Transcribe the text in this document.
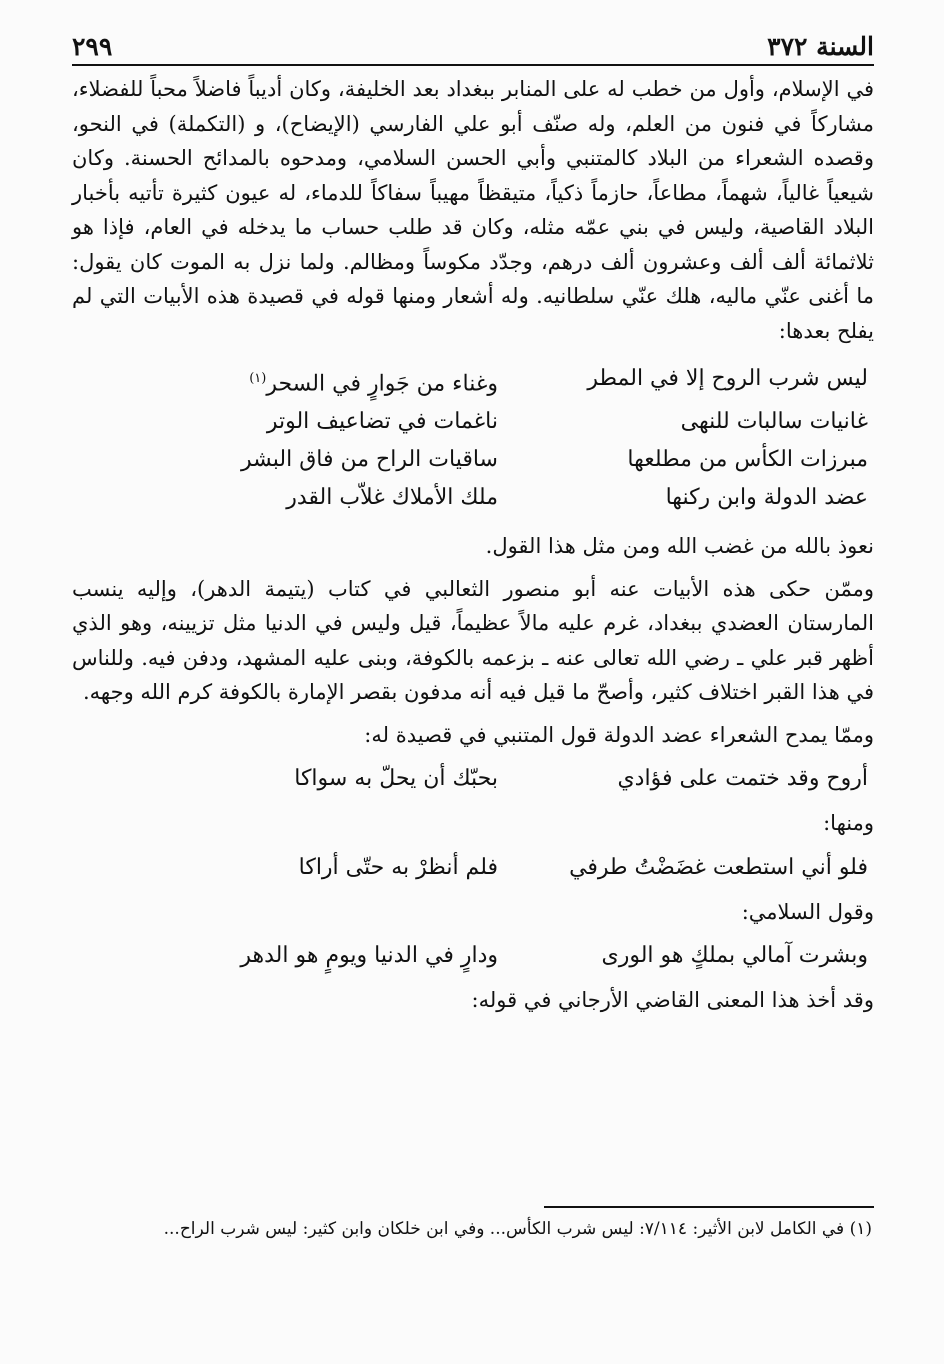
٢٩٩	السنة ٣٧٢

في الإسلام، وأول من خطب له على المنابر ببغداد بعد الخليفة، وكان أديباً فاضلاً محباً للفضلاء، مشاركاً في فنون من العلم، وله صنّف أبو علي الفارسي (الإيضاح)، و (التكملة) في النحو، وقصده الشعراء من البلاد كالمتنبي وأبي الحسن السلامي، ومدحوه بالمدائح الحسنة. وكان شيعياً غالياً، شهماً، مطاعاً، حازماً ذكياً، متيقظاً مهيباً سفاكاً للدماء، له عيون كثيرة تأتيه بأخبار البلاد القاصية، وليس في بني عمّه مثله، وكان قد طلب حساب ما يدخله في العام، فإذا هو ثلاثمائة ألف ألف وعشرون ألف درهم، وجدّد مكوساً ومظالم. ولما نزل به الموت كان يقول: ما أغنى عنّي ماليه، هلك عنّي سلطانيه. وله أشعار ومنها قوله في قصيدة هذه الأبيات التي لم يفلح بعدها:

ليس شرب الروح إلا في المطر
وغناء من جَوارٍ في السحر$^{(١)}$
غانيات سالبات للنهى
ناغمات في تضاعيف الوتر
مبرزات الكأس من مطلعها
ساقيات الراح من فاق البشر
عضد الدولة وابن ركنها
ملك الأملاك غلاّب القدر

نعوذ بالله من غضب الله ومن مثل هذا القول.

وممّن حكى هذه الأبيات عنه أبو منصور الثعالبي في كتاب (يتيمة الدهر)، وإليه ينسب المارستان العضدي ببغداد، غرم عليه مالاً عظيماً، قيل وليس في الدنيا مثل تزيينه، وهو الذي أظهر قبر علي ـ رضي الله تعالى عنه ـ بزعمه بالكوفة، وبنى عليه المشهد، ودفن فيه. وللناس في هذا القبر اختلاف كثير، وأصحّ ما قيل فيه أنه مدفون بقصر الإمارة بالكوفة كرم الله وجهه.

وممّا يمدح الشعراء عضد الدولة قول المتنبي في قصيدة له:

أروح وقد ختمت على فؤادي
بحبّك أن يحلّ به سواكا

ومنها:

فلو أني استطعت غضَضْتُ طرفي
فلم أنظرْ به حتّى أراكا

وقول السلامي:

وبشرت آمالي بملكٍ هو الورى
ودارٍ في الدنيا ويومٍ هو الدهر

وقد أخذ هذا المعنى القاضي الأرجاني في قوله:

(١) في الكامل لابن الأثير: ٧/١١٤: ليس شرب الكأس... وفي ابن خلكان وابن كثير: ليس شرب الراح...
